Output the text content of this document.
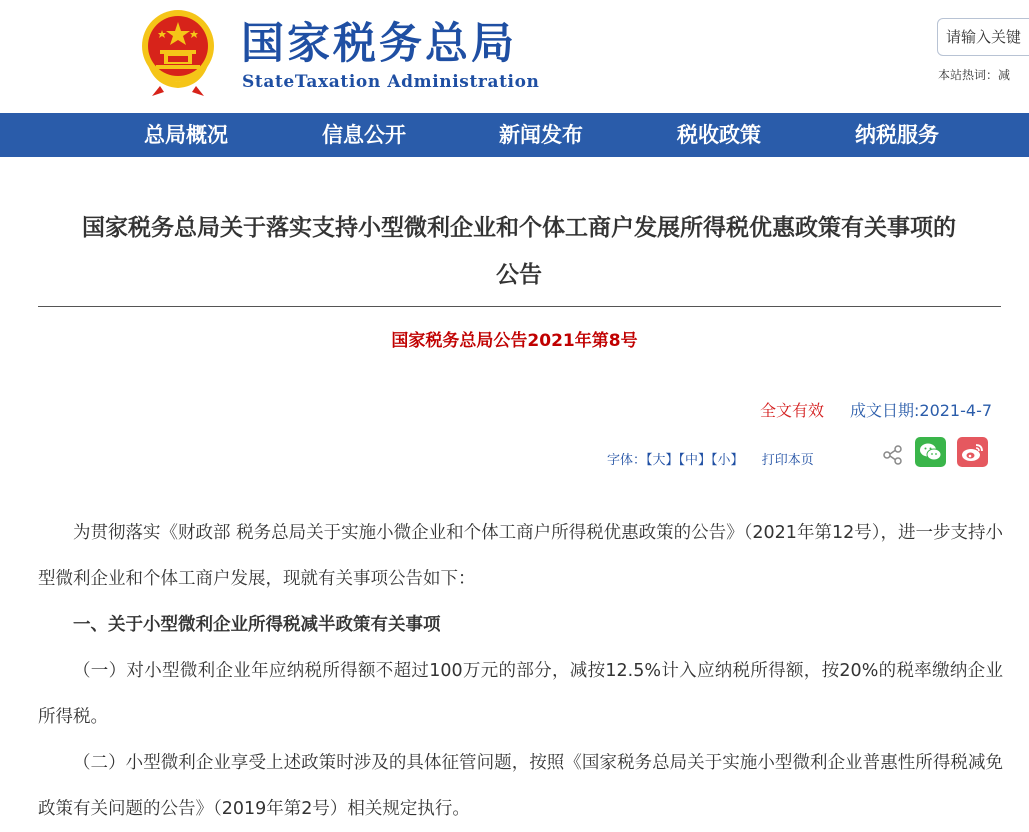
国家税务总局
StateTaxation Administration
请输入关键
本站热词：减
总局概况	信息公开	新闻发布	税收政策	纳税服务
国家税务总局关于落实支持小型微利企业和个体工商户发展所得税优惠政策有关事项的
公告
国家税务总局公告2021年第8号
全文有效 成文日期:2021-4-7
字体：【大】【中】【小】 打印本页

为贯彻落实《财政部 税务总局关于实施小微企业和个体工商户所得税优惠政策的公告》（2021年第12号），进一步支持小型微利企业和个体工商户发展，现就有关事项公告如下：

一、关于小型微利企业所得税减半政策有关事项

（一）对小型微利企业年应纳税所得额不超过100万元的部分，减按12.5%计入应纳税所得额，按20%的税率缴纳企业所得税。

（二）小型微利企业享受上述政策时涉及的具体征管问题，按照《国家税务总局关于实施小型微利企业普惠性所得税减免政策有关问题的公告》（2019年第2号）相关规定执行。
